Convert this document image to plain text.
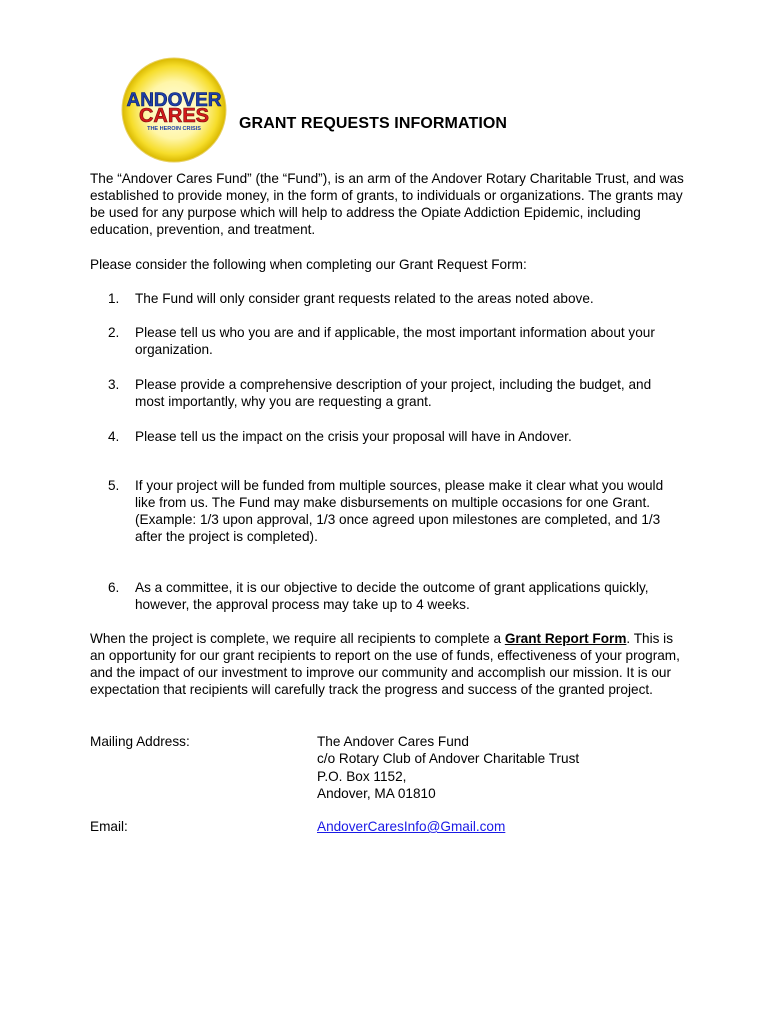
ANDOVER
CARES
THE HEROIN CRISIS GRANT REQUESTS INFORMATION
The “Andover Cares Fund” (the “Fund”), is an arm of the Andover Rotary Charitable Trust, and was established to provide money, in the form of grants, to individuals or organizations. The grants may be used for any purpose which will help to address the Opiate Addiction Epidemic, including education, prevention, and treatment.
Please consider the following when completing our Grant Request Form:
1.	The Fund will only consider grant requests related to the areas noted above.
2.	Please tell us who you are and if applicable, the most important information about your organization.
3.	Please provide a comprehensive description of your project, including the budget, and most importantly, why you are requesting a grant.
4.	Please tell us the impact on the crisis your proposal will have in Andover.
5.	If your project will be funded from multiple sources, please make it clear what you would like from us. The Fund may make disbursements on multiple occasions for one Grant. (Example: 1/3 upon approval, 1/3 once agreed upon milestones are completed, and 1/3 after the project is completed).
6.	As a committee, it is our objective to decide the outcome of grant applications quickly, however, the approval process may take up to 4 weeks.
When the project is complete, we require all recipients to complete a Grant Report Form. This is an opportunity for our grant recipients to report on the use of funds, effectiveness of your program, and the impact of our investment to improve our community and accomplish our mission. It is our expectation that recipients will carefully track the progress and success of the granted project.
Mailing Address:	The Andover Cares Fund
c/o Rotary Club of Andover Charitable Trust
P.O. Box 1152,
Andover, MA 01810
Email:	AndoverCaresInfo@Gmail.com
